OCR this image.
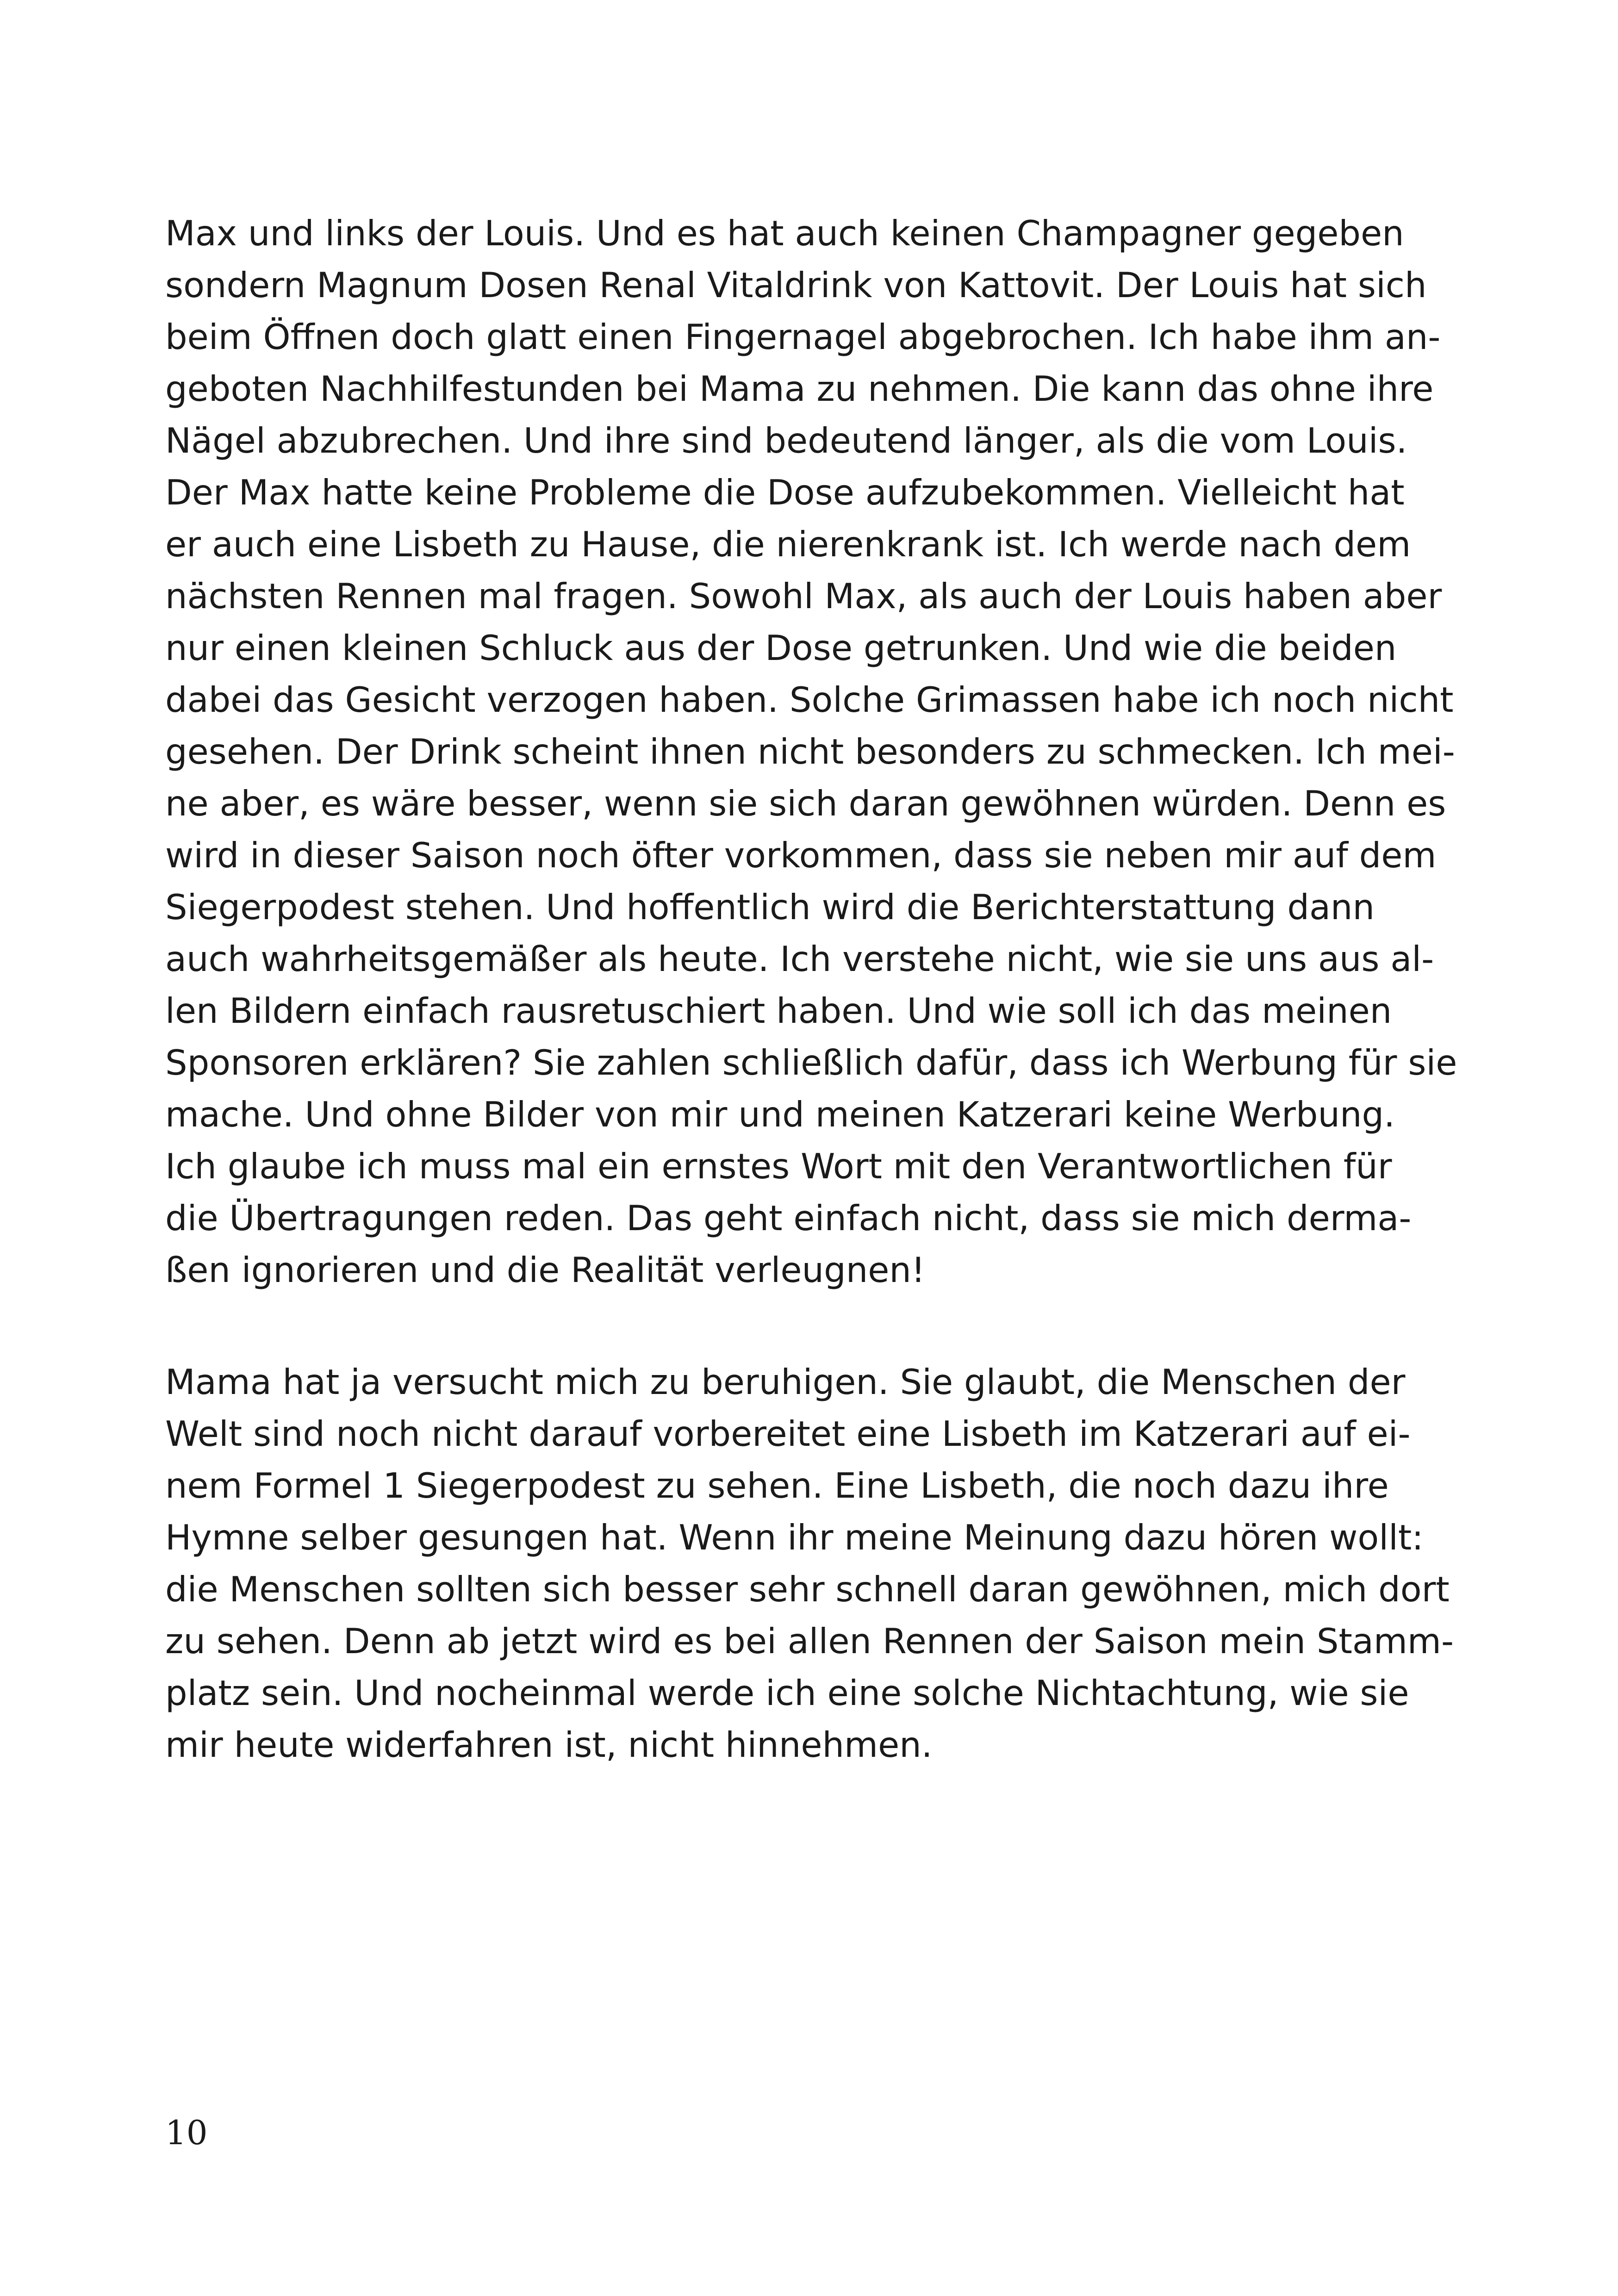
Max und links der Louis. Und es hat auch keinen Champagner gegeben
sondern Magnum Dosen Renal Vitaldrink von Kattovit. Der Louis hat sich
beim Öffnen doch glatt einen Fingernagel abgebrochen. Ich habe ihm an-
geboten Nachhilfestunden bei Mama zu nehmen. Die kann das ohne ihre
Nägel abzubrechen. Und ihre sind bedeutend länger, als die vom Louis.
Der Max hatte keine Probleme die Dose aufzubekommen. Vielleicht hat
er auch eine Lisbeth zu Hause, die nierenkrank ist. Ich werde nach dem
nächsten Rennen mal fragen. Sowohl Max, als auch der Louis haben aber
nur einen kleinen Schluck aus der Dose getrunken. Und wie die beiden
dabei das Gesicht verzogen haben. Solche Grimassen habe ich noch nicht
gesehen. Der Drink scheint ihnen nicht besonders zu schmecken. Ich mei-
ne aber, es wäre besser, wenn sie sich daran gewöhnen würden. Denn es
wird in dieser Saison noch öfter vorkommen, dass sie neben mir auf dem
Siegerpodest stehen. Und hoffentlich wird die Berichterstattung dann
auch wahrheitsgemäßer als heute. Ich verstehe nicht, wie sie uns aus al-
len Bildern einfach rausretuschiert haben. Und wie soll ich das meinen
Sponsoren erklären? Sie zahlen schließlich dafür, dass ich Werbung für sie
mache. Und ohne Bilder von mir und meinen Katzerari keine Werbung.
Ich glaube ich muss mal ein ernstes Wort mit den Verantwortlichen für
die Übertragungen reden. Das geht einfach nicht, dass sie mich derma-
ßen ignorieren und die Realität verleugnen!
Mama hat ja versucht mich zu beruhigen. Sie glaubt, die Menschen der
Welt sind noch nicht darauf vorbereitet eine Lisbeth im Katzerari auf ei-
nem Formel 1 Siegerpodest zu sehen. Eine Lisbeth, die noch dazu ihre
Hymne selber gesungen hat. Wenn ihr meine Meinung dazu hören wollt:
die Menschen sollten sich besser sehr schnell daran gewöhnen, mich dort
zu sehen. Denn ab jetzt wird es bei allen Rennen der Saison mein Stamm-
platz sein. Und nocheinmal werde ich eine solche Nichtachtung, wie sie
mir heute widerfahren ist, nicht hinnehmen.
10
